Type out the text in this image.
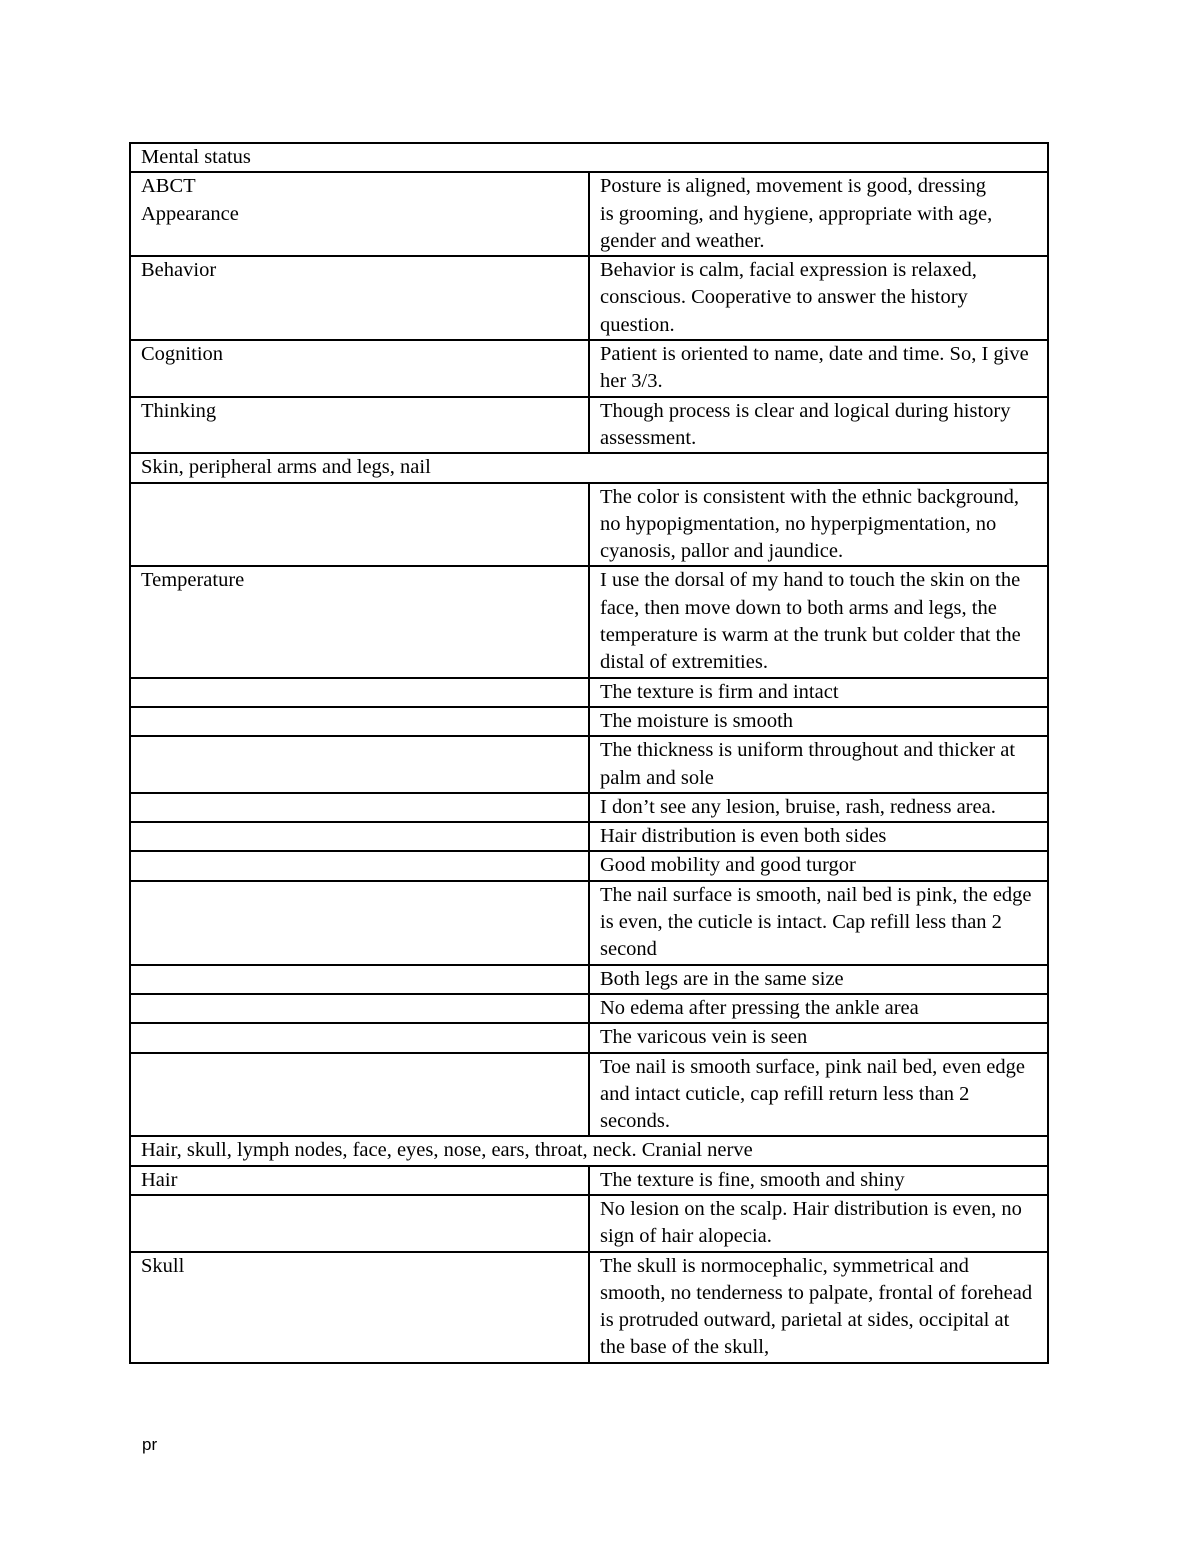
Mental status	
ABCT
Appearance	Posture is aligned, movement is good, dressing
is grooming, and hygiene, appropriate with age, gender and weather.
Behavior	Behavior is calm, facial expression is relaxed, conscious. Cooperative to answer the history question.
Cognition	Patient is oriented to name, date and time. So, I give her 3/3.
Thinking	Though process is clear and logical during history assessment.
Skin, peripheral arms and legs, nail	
	The color is consistent with the ethnic background, no hypopigmentation, no hyperpigmentation, no cyanosis, pallor and jaundice.
Temperature	I use the dorsal of my hand to touch the skin on the face, then move down to both arms and legs, the temperature is warm at the trunk but colder that the distal of extremities.
	The texture is firm and intact
	The moisture is smooth
	The thickness is uniform throughout and thicker at palm and sole
	I don’t see any lesion, bruise, rash, redness area.
	Hair distribution is even both sides
	Good mobility and good turgor
	The nail surface is smooth, nail bed is pink, the edge is even, the cuticle is intact. Cap refill less than 2 second
	Both legs are in the same size
	No edema after pressing the ankle area
	The varicous vein is seen
	Toe nail is smooth surface, pink nail bed, even edge and intact cuticle, cap refill return less than 2 seconds.
Hair, skull, lymph nodes, face, eyes, nose, ears, throat, neck. Cranial nerve	
Hair	The texture is fine, smooth and shiny
	No lesion on the scalp. Hair distribution is even, no sign of hair alopecia.
Skull	The skull is normocephalic, symmetrical and smooth, no tenderness to palpate, frontal of forehead is protruded outward, parietal at sides, occipital at the base of the skull,
pr
